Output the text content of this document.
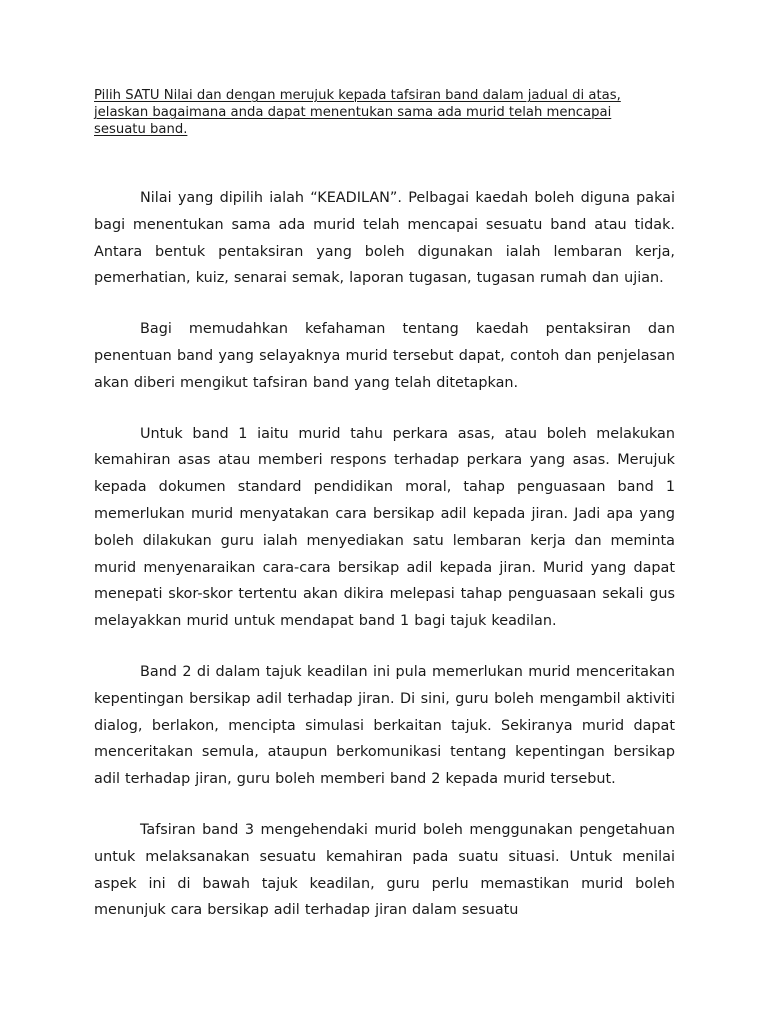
Pilih SATU Nilai dan dengan merujuk kepada tafsiran band dalam jadual di atas,
jelaskan bagaimana anda dapat menentukan sama ada murid telah mencapai
sesuatu band.

Nilai yang dipilih ialah “KEADILAN”. Pelbagai kaedah boleh diguna pakai bagi menentukan sama ada murid telah mencapai sesuatu band atau tidak. Antara bentuk pentaksiran yang boleh digunakan ialah lembaran kerja, pemerhatian, kuiz, senarai semak, laporan tugasan, tugasan rumah dan ujian.

Bagi memudahkan kefahaman tentang kaedah pentaksiran dan penentuan band yang selayaknya murid tersebut dapat, contoh dan penjelasan akan diberi mengikut tafsiran band yang telah ditetapkan.

Untuk band 1 iaitu murid tahu perkara asas, atau boleh melakukan kemahiran asas atau memberi respons terhadap perkara yang asas. Merujuk kepada dokumen standard pendidikan moral, tahap penguasaan band 1 memerlukan murid menyatakan cara bersikap adil kepada jiran. Jadi apa yang boleh dilakukan guru ialah menyediakan satu lembaran kerja dan meminta murid menyenaraikan cara-cara bersikap adil kepada jiran. Murid yang dapat menepati skor-skor tertentu akan dikira melepasi tahap penguasaan sekali gus melayakkan murid untuk mendapat band 1 bagi tajuk keadilan.

Band 2 di dalam tajuk keadilan ini pula memerlukan murid menceritakan kepentingan bersikap adil terhadap jiran. Di sini, guru boleh mengambil aktiviti dialog, berlakon, mencipta simulasi berkaitan tajuk. Sekiranya murid dapat menceritakan semula, ataupun berkomunikasi tentang kepentingan bersikap adil terhadap jiran, guru boleh memberi band 2 kepada murid tersebut.

Tafsiran band 3 mengehendaki murid boleh menggunakan pengetahuan untuk melaksanakan sesuatu kemahiran pada suatu situasi. Untuk menilai aspek ini di bawah tajuk keadilan, guru perlu memastikan murid boleh menunjuk cara bersikap adil terhadap jiran dalam sesuatu
